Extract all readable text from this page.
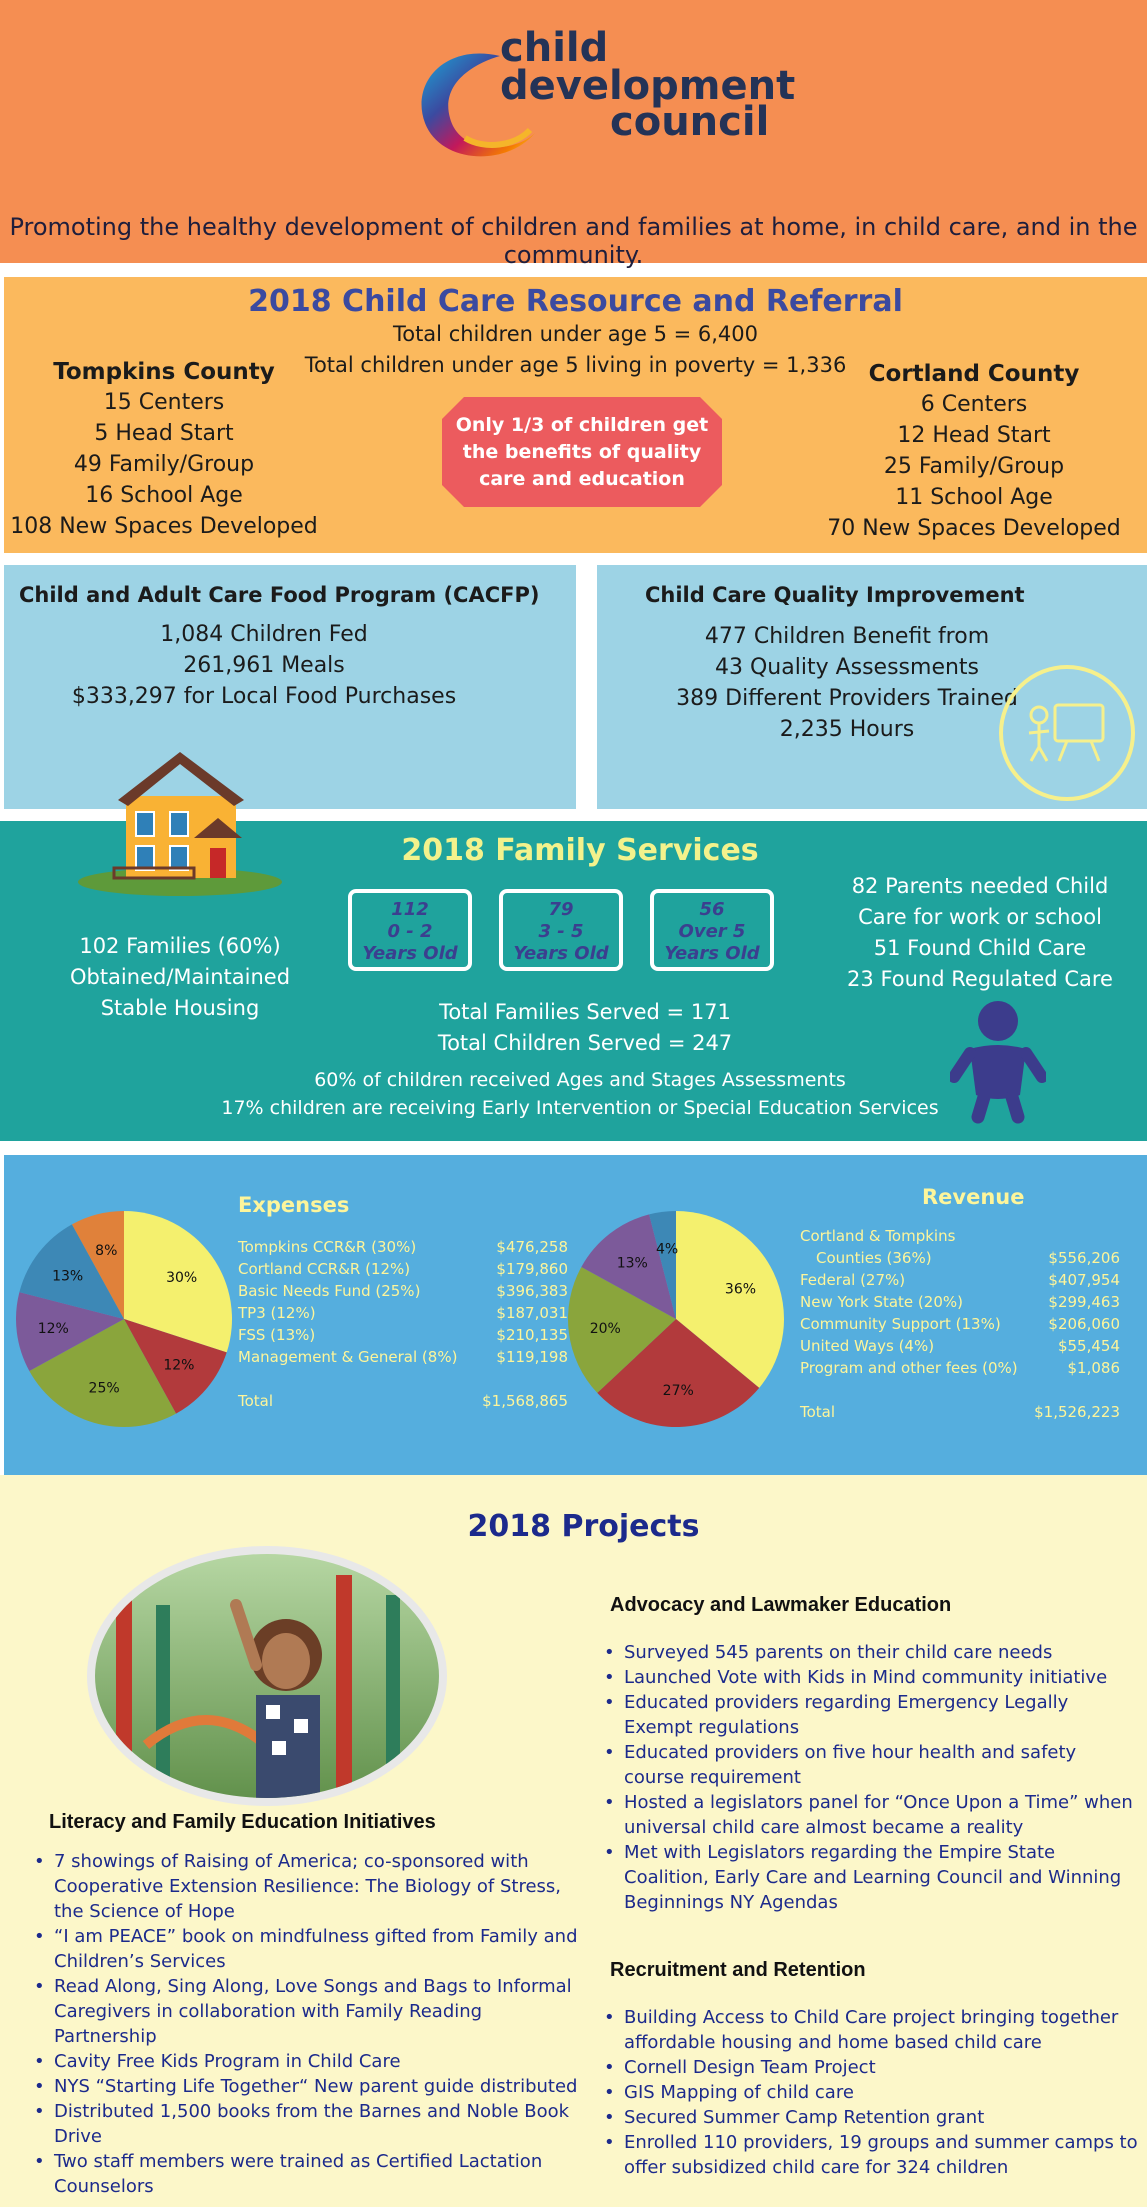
child
development
council
Promoting the healthy development of children and families at home, in child care, and in the community.
2018 Child Care Resource and Referral
Total children under age 5 = 6,400
Total children under age 5 living in poverty = 1,336
Tompkins County
15 Centers
5 Head Start
49 Family/Group
16 School Age
108 New Spaces Developed
Only 1/3 of children get
the benefits of quality
care and education
Cortland County
6 Centers
12 Head Start
25 Family/Group
11 School Age
70 New Spaces Developed
Child and Adult Care Food Program (CACFP)
1,084 Children Fed
261,961 Meals
$333,297 for Local Food Purchases
Child Care Quality Improvement
477 Children Benefit from
43 Quality Assessments
389 Different Providers Trained
2,235 Hours
2018 Family Services
102 Families (60%)
Obtained/Maintained
Stable Housing
112
0 - 2
Years Old
79
3 - 5
Years Old
56
Over 5
Years Old
Total Families Served = 171
Total Children Served = 247
82 Parents needed Child
Care for work or school
51 Found Child Care
23 Found Regulated Care
60% of children received Ages and Stages Assessments
17% children are receiving Early Intervention or Special Education Services
30%
12%
25%
12%
13%
8%
Expenses
Tompkins CCR&R (30%)	$476,258
Cortland CCR&R (12%)	$179,860
Basic Needs Fund (25%)	$396,383
TP3 (12%)	$187,031
FSS (13%)	$210,135
Management & General (8%)	$119,198
Total	$1,568,865
36%
27%
20%
13%
4%
Revenue
Cortland & Tompkins
Counties (36%)	$556,206
Federal (27%)	$407,954
New York State (20%)	$299,463
Community Support (13%)	$206,060
United Ways (4%)	$55,454
Program and other fees (0%)	$1,086
Total	$1,526,223
2018 Projects
Literacy and Family Education Initiatives
• 7 showings of Raising of America; co-sponsored with Cooperative Extension Resilience: The Biology of Stress, the Science of Hope
• “I am PEACE” book on mindfulness gifted from Family and Children’s Services
• Read Along, Sing Along, Love Songs and Bags to Informal Caregivers in collaboration with Family Reading Partnership
• Cavity Free Kids Program in Child Care
• NYS “Starting Life Together“ New parent guide distributed
• Distributed 1,500 books from the Barnes and Noble Book Drive
• Two staff members were trained as Certified Lactation Counselors
Advocacy and Lawmaker Education
• Surveyed 545 parents on their child care needs
• Launched Vote with Kids in Mind community initiative
• Educated providers regarding Emergency Legally Exempt regulations
• Educated providers on five hour health and safety course requirement
• Hosted a legislators panel for “Once Upon a Time” when universal child care almost became a reality
• Met with Legislators regarding the Empire State Coalition, Early Care and Learning Council and Winning Beginnings NY Agendas
Recruitment and Retention
• Building Access to Child Care project bringing together affordable housing and home based child care
• Cornell Design Team Project
• GIS Mapping of child care
• Secured Summer Camp Retention grant
• Enrolled 110 providers, 19 groups and summer camps to offer subsidized child care for 324 children
